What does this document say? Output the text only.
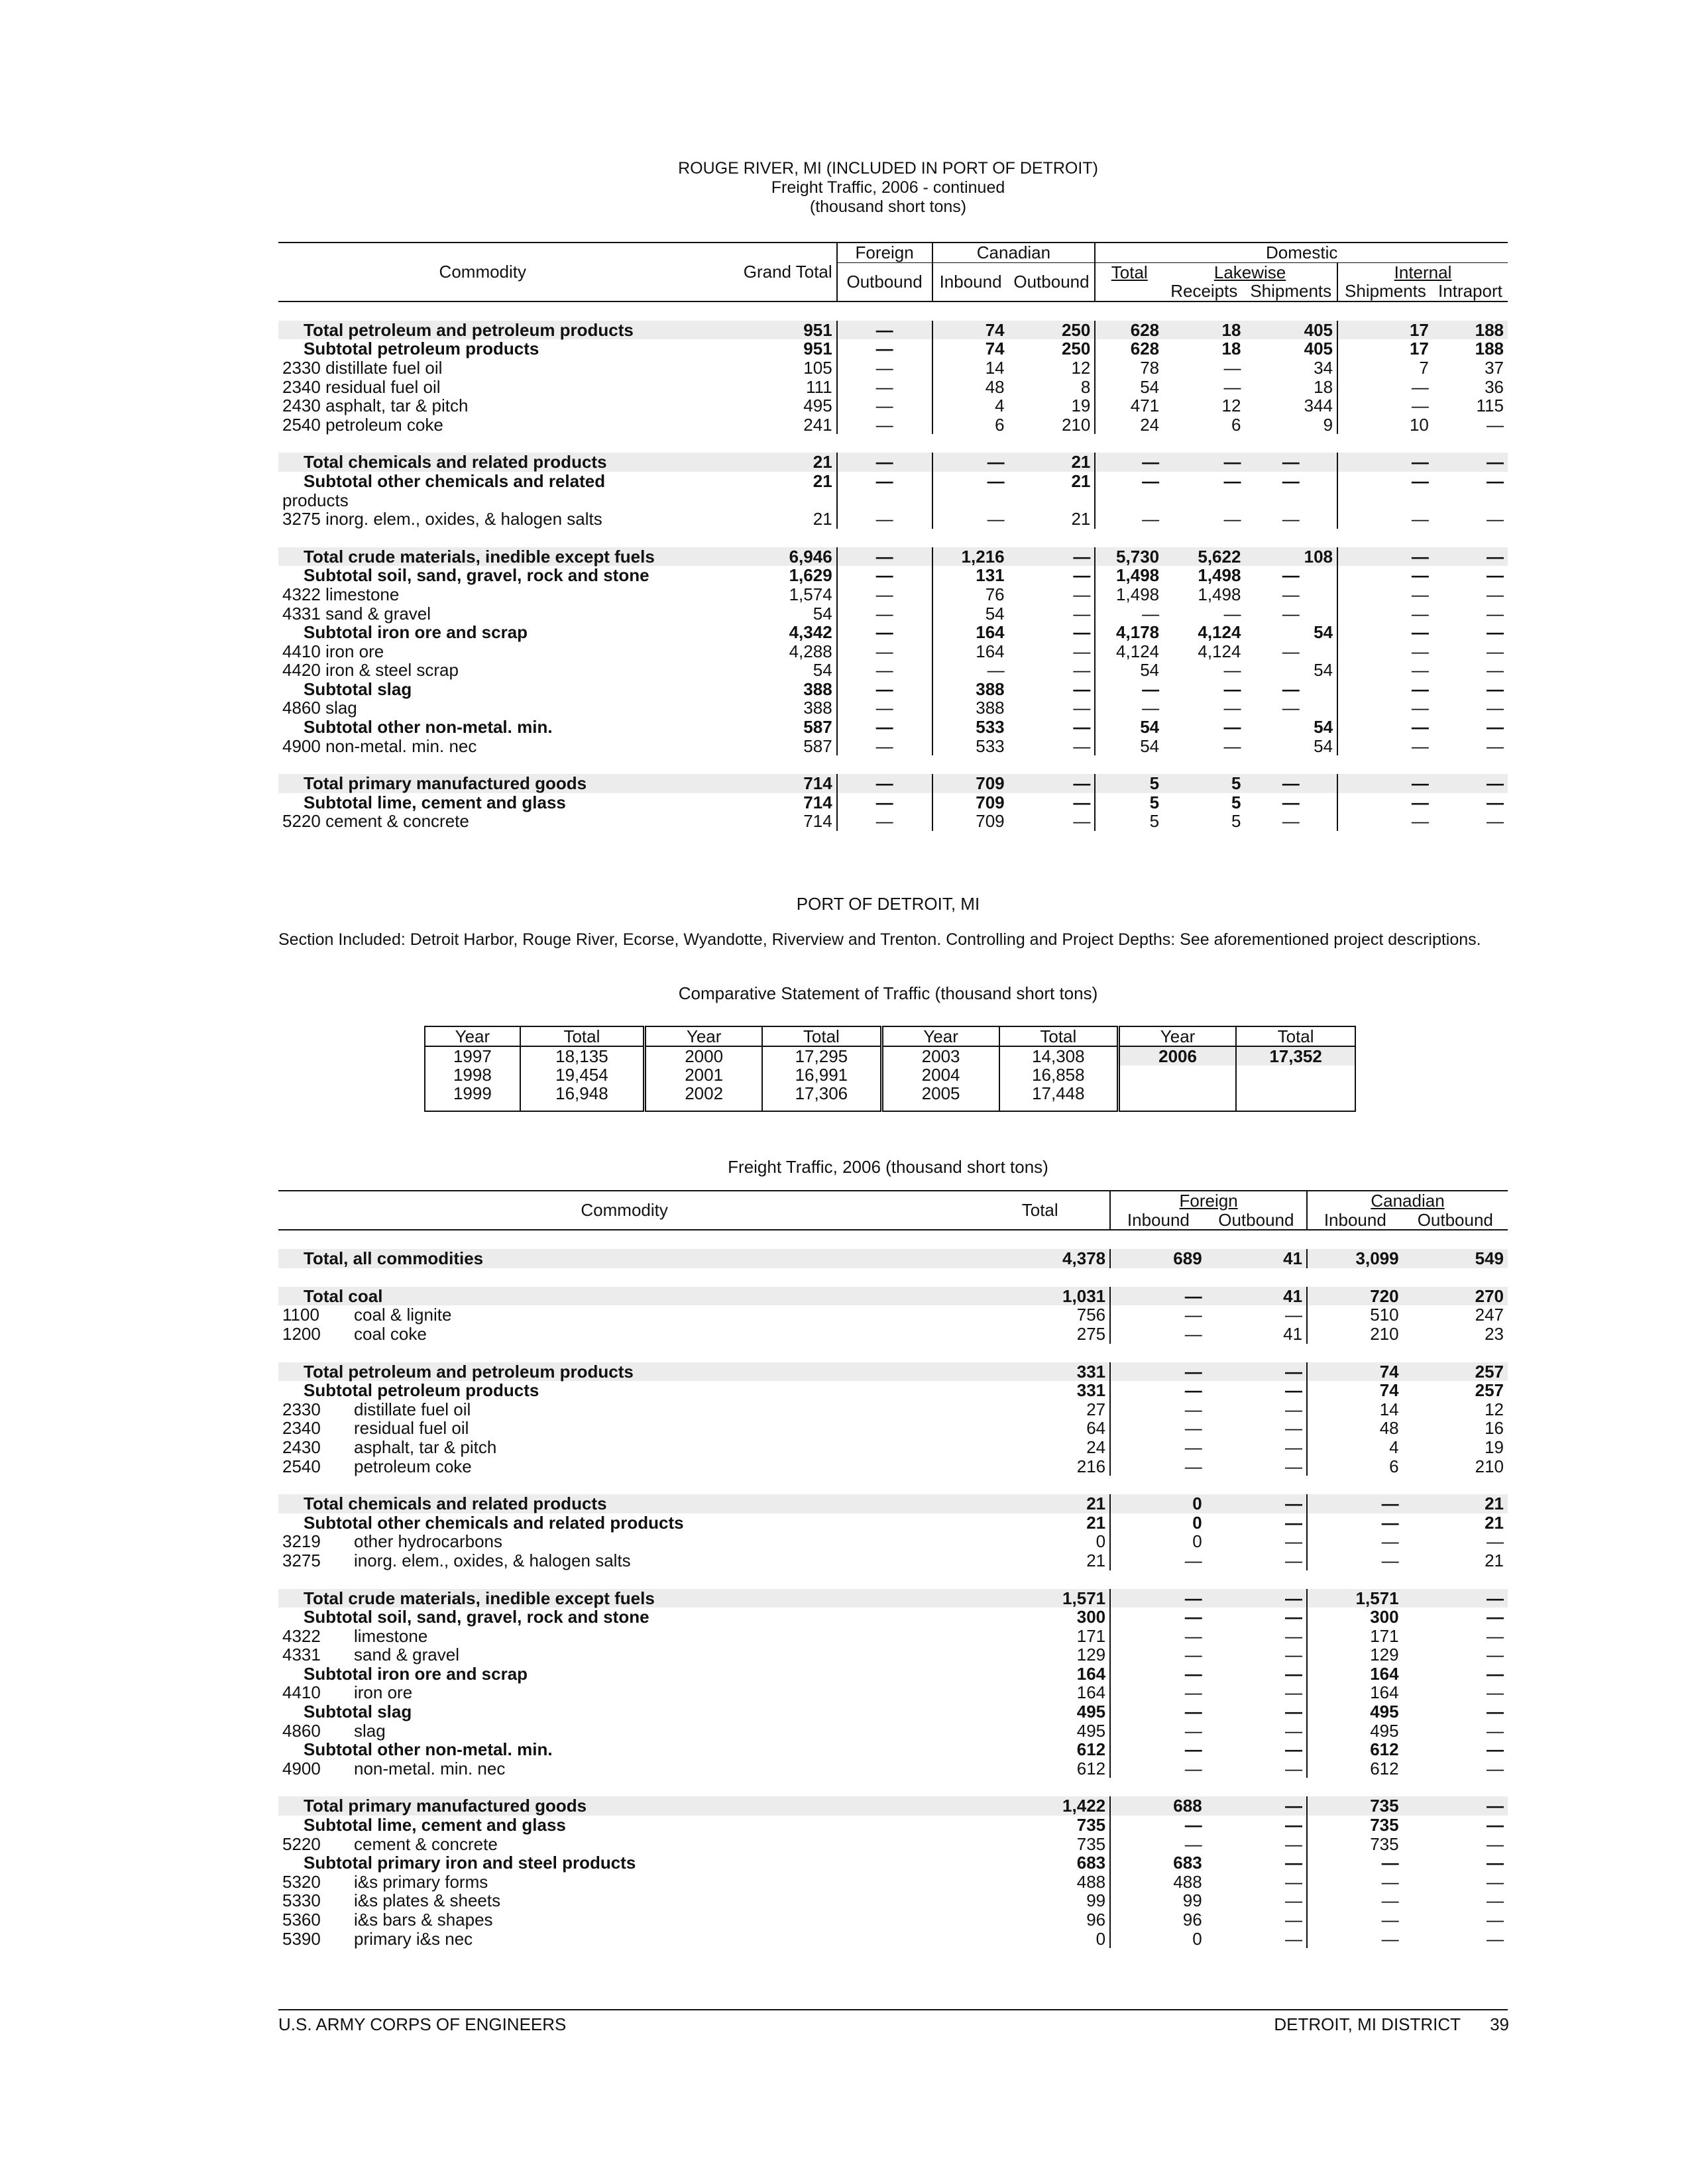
ROUGE RIVER, MI (INCLUDED IN PORT OF DETROIT)
Freight Traffic, 2006 - continued
(thousand short tons)
Commodity	Grand Total	Foreign	Canadian		Domestic				
		Outbound	Inbound	Outbound	Total	Lakewise		Internal	
						Receipts	Shipments	Shipments	Intraport

Total petroleum and petroleum products	951	—	74	250	628	18	405	17	188
Subtotal petroleum products	951	—	74	250	628	18	405	17	188
2330 distillate fuel oil	105	—	14	12	78	—	34	7	37
2340 residual fuel oil	111	—	48	8	54	—	18	—	36
2430 asphalt, tar & pitch	495	—	4	19	471	12	344	—	115
2540 petroleum coke	241	—	6	210	24	6	9	10	—

Total chemicals and related products	21	—	—	21	—	—	—	—	—
Subtotal other chemicals and related	21	—	—	21	—	—	—	—	—
products									
3275 inorg. elem., oxides, & halogen salts	21	—	—	21	—	—	—	—	—

Total crude materials, inedible except fuels	6,946	—	1,216	—	5,730	5,622	108	—	—
Subtotal soil, sand, gravel, rock and stone	1,629	—	131	—	1,498	1,498	—	—	—
4322 limestone	1,574	—	76	—	1,498	1,498	—	—	—
4331 sand & gravel	54	—	54	—	—	—	—	—	—
Subtotal iron ore and scrap	4,342	—	164	—	4,178	4,124	54	—	—
4410 iron ore	4,288	—	164	—	4,124	4,124	—	—	—
4420 iron & steel scrap	54	—	—	—	54	—	54	—	—
Subtotal slag	388	—	388	—	—	—	—	—	—
4860 slag	388	—	388	—	—	—	—	—	—
Subtotal other non-metal. min.	587	—	533	—	54	—	54	—	—
4900 non-metal. min. nec	587	—	533	—	54	—	54	—	—

Total primary manufactured goods	714	—	709	—	5	5	—	—	—
Subtotal lime, cement and glass	714	—	709	—	5	5	—	—	—
5220 cement & concrete	714	—	709	—	5	5	—	—	—
PORT OF DETROIT, MI
Section Included: Detroit Harbor, Rouge River, Ecorse, Wyandotte, Riverview and Trenton. Controlling and Project Depths: See aforementioned project descriptions.
Comparative Statement of Traffic (thousand short tons)
Year	Total	Year	Total	Year	Total	Year	Total
1997	18,135	2000	17,295	2003	14,308	2006	17,352
1998	19,454	2001	16,991	2004	16,858		
1999	16,948	2002	17,306	2005	17,448		
Freight Traffic, 2006 (thousand short tons)
Commodity	Total	Foreign		Canadian	
		Inbound	Outbound	Inbound	Outbound

Total, all commodities	4,378	689	41	3,099	549

Total coal	1,031	—	41	720	270
1100 coal & lignite	756	—	—	510	247
1200 coal coke	275	—	41	210	23

Total petroleum and petroleum products	331	—	—	74	257
Subtotal petroleum products	331	—	—	74	257
2330 distillate fuel oil	27	—	—	14	12
2340 residual fuel oil	64	—	—	48	16
2430 asphalt, tar & pitch	24	—	—	4	19
2540 petroleum coke	216	—	—	6	210

Total chemicals and related products	21	0	—	—	21
Subtotal other chemicals and related products	21	0	—	—	21
3219 other hydrocarbons	0	0	—	—	—
3275 inorg. elem., oxides, & halogen salts	21	—	—	—	21

Total crude materials, inedible except fuels	1,571	—	—	1,571	—
Subtotal soil, sand, gravel, rock and stone	300	—	—	300	—
4322 limestone	171	—	—	171	—
4331 sand & gravel	129	—	—	129	—
Subtotal iron ore and scrap	164	—	—	164	—
4410 iron ore	164	—	—	164	—
Subtotal slag	495	—	—	495	—
4860 slag	495	—	—	495	—
Subtotal other non-metal. min.	612	—	—	612	—
4900 non-metal. min. nec	612	—	—	612	—

Total primary manufactured goods	1,422	688	—	735	—
Subtotal lime, cement and glass	735	—	—	735	—
5220 cement & concrete	735	—	—	735	—
Subtotal primary iron and steel products	683	683	—	—	—
5320 i&s primary forms	488	488	—	—	—
5330 i&s plates & sheets	99	99	—	—	—
5360 i&s bars & shapes	96	96	—	—	—
5390 primary i&s nec	0	0	—	—	—
U.S. ARMY CORPS OF ENGINEERS	DETROIT, MI DISTRICT 39
